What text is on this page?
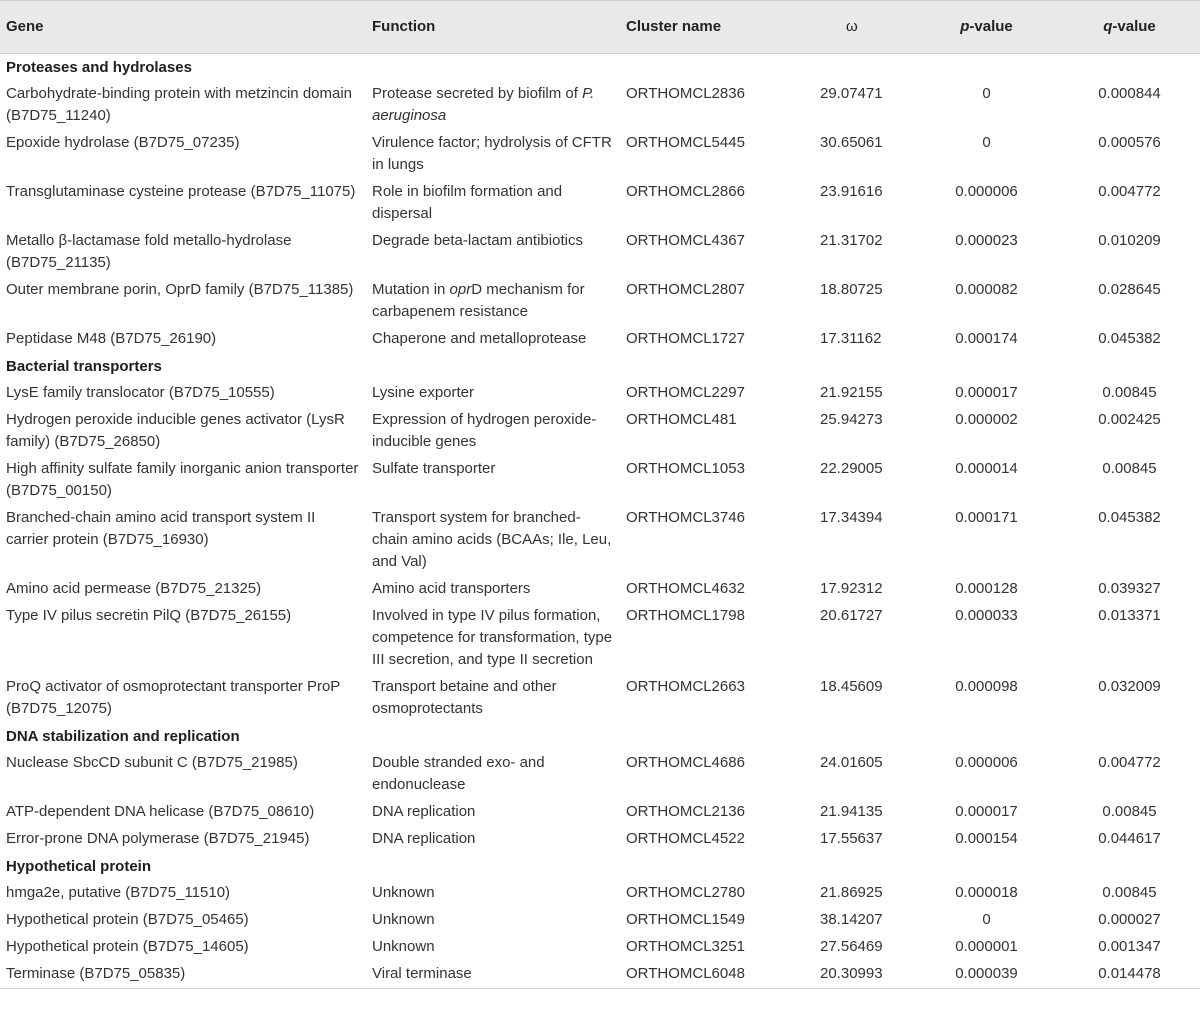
Gene	Function	Cluster name	ω	p-value	q-value
Proteases and hydrolases					
Carbohydrate-binding protein with metzincin domain (B7D75_11240)	Protease secreted by biofilm of P. aeruginosa	ORTHOMCL2836	29.07471	0	0.000844
Epoxide hydrolase (B7D75_07235)	Virulence factor; hydrolysis of CFTR in lungs	ORTHOMCL5445	30.65061	0	0.000576
Transglutaminase cysteine protease (B7D75_11075)	Role in biofilm formation and dispersal	ORTHOMCL2866	23.91616	0.000006	0.004772
Metallo β-lactamase fold metallo-hydrolase (B7D75_21135)	Degrade beta-lactam antibiotics	ORTHOMCL4367	21.31702	0.000023	0.010209
Outer membrane porin, OprD family (B7D75_11385)	Mutation in oprD mechanism for carbapenem resistance	ORTHOMCL2807	18.80725	0.000082	0.028645
Peptidase M48 (B7D75_26190)	Chaperone and metalloprotease	ORTHOMCL1727	17.31162	0.000174	0.045382
Bacterial transporters					
LysE family translocator (B7D75_10555)	Lysine exporter	ORTHOMCL2297	21.92155	0.000017	0.00845
Hydrogen peroxide inducible genes activator (LysR family) (B7D75_26850)	Expression of hydrogen peroxide-inducible genes	ORTHOMCL481	25.94273	0.000002	0.002425
High affinity sulfate family inorganic anion transporter (B7D75_00150)	Sulfate transporter	ORTHOMCL1053	22.29005	0.000014	0.00845
Branched-chain amino acid transport system II carrier protein (B7D75_16930)	Transport system for branched-chain amino acids (BCAAs; Ile, Leu, and Val)	ORTHOMCL3746	17.34394	0.000171	0.045382
Amino acid permease (B7D75_21325)	Amino acid transporters	ORTHOMCL4632	17.92312	0.000128	0.039327
Type IV pilus secretin PilQ (B7D75_26155)	Involved in type IV pilus formation, competence for transformation, type III secretion, and type II secretion	ORTHOMCL1798	20.61727	0.000033	0.013371
ProQ activator of osmoprotectant transporter ProP (B7D75_12075)	Transport betaine and other osmoprotectants	ORTHOMCL2663	18.45609	0.000098	0.032009
DNA stabilization and replication					
Nuclease SbcCD subunit C (B7D75_21985)	Double stranded exo- and endonuclease	ORTHOMCL4686	24.01605	0.000006	0.004772
ATP-dependent DNA helicase (B7D75_08610)	DNA replication	ORTHOMCL2136	21.94135	0.000017	0.00845
Error-prone DNA polymerase (B7D75_21945)	DNA replication	ORTHOMCL4522	17.55637	0.000154	0.044617
Hypothetical protein					
hmga2e, putative (B7D75_11510)	Unknown	ORTHOMCL2780	21.86925	0.000018	0.00845
Hypothetical protein (B7D75_05465)	Unknown	ORTHOMCL1549	38.14207	0	0.000027
Hypothetical protein (B7D75_14605)	Unknown	ORTHOMCL3251	27.56469	0.000001	0.001347
Terminase (B7D75_05835)	Viral terminase	ORTHOMCL6048	20.30993	0.000039	0.014478
